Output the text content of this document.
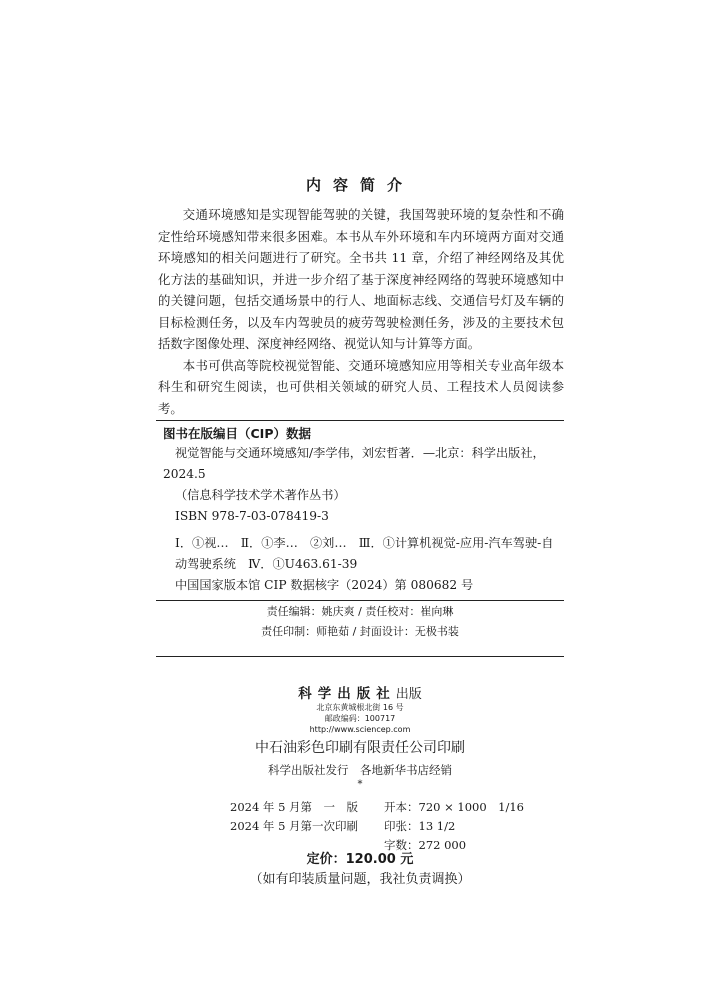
内容简介

交通环境感知是实现智能驾驶的关键，我国驾驶环境的复杂性和不确定性给环境感知带来很多困难。本书从车外环境和车内环境两方面对交通环境感知的相关问题进行了研究。全书共 11 章，介绍了神经网络及其优化方法的基础知识，并进一步介绍了基于深度神经网络的驾驶环境感知中的关键问题，包括交通场景中的行人、地面标志线、交通信号灯及车辆的目标检测任务，以及车内驾驶员的疲劳驾驶检测任务，涉及的主要技术包括数字图像处理、深度神经网络、视觉认知与计算等方面。

本书可供高等院校视觉智能、交通环境感知应用等相关专业高年级本科生和研究生阅读，也可供相关领域的研究人员、工程技术人员阅读参考。

图书在版编目（CIP）数据
视觉智能与交通环境感知/李学伟，刘宏哲著．—北京：科学出版社，
2024.5
（信息科学技术学术著作丛书）
ISBN 978-7-03-078419-3
Ⅰ．①视…　Ⅱ．①李…　②刘…　Ⅲ．①计算机视觉-应用-汽车驾驶-自动驾驶系统　Ⅳ．①U463.61-39
中国国家版本馆 CIP 数据核字（2024）第 080682 号
责任编辑：姚庆爽 / 责任校对：崔向琳
责任印制：师艳茹 / 封面设计：无极书装
科学出版社出版
北京东黄城根北街 16 号
邮政编码：100717
http://www.sciencep.com
中石油彩色印刷有限责任公司印刷
科学出版社发行　各地新华书店经销
*
2024 年 5 月第　一　版 开本：720 × 1000　1/16
2024 年 5 月第一次印刷 印张：13 1/2
字数：272 000
定价：120.00 元
（如有印装质量问题，我社负责调换）
